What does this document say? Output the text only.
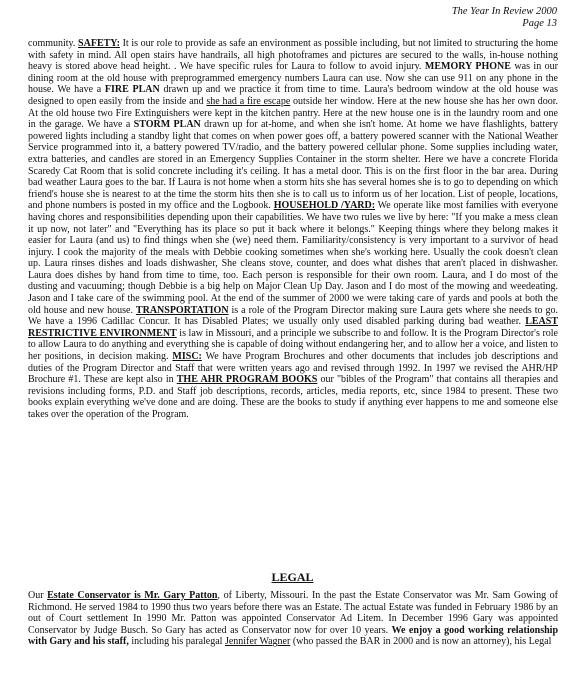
The Year In Review 2000
Page 13

community. SAFETY: It is our role to provide as safe an environment as possible including, but not limited to structuring the home with safety in mind. All open stairs have handrails, all high photoframes and pictures are secured to the walls, in-house nothing heavy is stored above head height. . We have specific rules for Laura to follow to avoid injury. MEMORY PHONE was in our dining room at the old house with preprogrammed emergency numbers Laura can use. Now she can use 911 on any phone in the house. We have a FIRE PLAN drawn up and we practice it from time to time. Laura's bedroom window at the old house was designed to open easily from the inside and she had a fire escape outside her window. Here at the new house she has her own door. At the old house two Fire Extinguishers were kept in the kitchen pantry. Here at the new house one is in the laundry room and one in the garage. We have a STORM PLAN drawn up for at-home, and when she isn't home. At home we have flashlights, battery powered lights including a standby light that comes on when power goes off, a battery powered scanner with the National Weather Service programmed into it, a battery powered TV/radio, and the battery powered cellular phone. Some supplies including water, extra batteries, and candles are stored in an Emergency Supplies Container in the storm shelter. Here we have a concrete Florida Scaredy Cat Room that is solid concrete including it's ceiling. It has a metal door. This is on the first floor in the bar area. During bad weather Laura goes to the bar. If Laura is not home when a storm hits she has several homes she is to go to depending on which friend's house she is nearest to at the time the storm hits then she is to call us to inform us of her location. List of people, locations, and phone numbers is posted in my office and the Logbook. HOUSEHOLD /YARD: We operate like most families with everyone having chores and responsibilities depending upon their capabilities. We have two rules we live by here: "If you make a mess clean it up now, not later" and "Everything has its place so put it back where it belongs." Keeping things where they belong makes it easier for Laura (and us) to find things when she (we) need them. Familiarity/consistency is very important to a survivor of head injury. I cook the majority of the meals with Debbie cooking sometimes when she's working here. Usually the cook doesn't clean up. Laura rinses dishes and loads dishwasher, She cleans stove, counter, and does what dishes that aren't placed in dishwasher. Laura does dishes by hand from time to time, too. Each person is responsible for their own room. Laura, and I do most of the dusting and vacuuming; though Debbie is a big help on Major Clean Up Day. Jason and I do most of the mowing and weedeating. Jason and I take care of the swimming pool. At the end of the summer of 2000 we were taking care of yards and pools at both the old house and new house. TRANSPORTATION is a role of the Program Director making sure Laura gets where she needs to go. We have a 1996 Cadillac Concur. It has Disabled Plates; we usually only used disabled parking during bad weather. LEAST RESTRICTIVE ENVIRONMENT is law in Missouri, and a principle we subscribe to and follow. It is the Program Director's role to allow Laura to do anything and everything she is capable of doing without endangering her, and to allow her a voice, and listen to her positions, in decision making. MISC: We have Program Brochures and other documents that includes job descriptions and duties of the Program Director and Staff that were written years ago and revised through 1992. In 1997 we revised the AHR/HP Brochure #1. These are kept also in THE AHR PROGRAM BOOKS our "bibles of the Program" that contains all therapies and revisions including forms, P.D. and Staff job descriptions, records, articles, media reports, etc, since 1984 to present. These two books explain everything we've done and are doing. These are the books to study if anything ever happens to me and someone else takes over the operation of the Program.

LEGAL

Our Estate Conservator is Mr. Gary Patton, of Liberty, Missouri. In the past the Estate Conservator was Mr. Sam Gowing of Richmond. He served 1984 to 1990 thus two years before there was an Estate. The actual Estate was funded in February 1986 by an out of Court settlement In 1990 Mr. Patton was appointed Conservator Ad Litem. In December 1996 Gary was appointed Conservator by Judge Busch. So Gary has acted as Conservator now for over 10 years. We enjoy a good working relationship with Gary and his staff, including his paralegal Jennifer Wagner (who passed the BAR in 2000 and is now an attorney), his Legal
